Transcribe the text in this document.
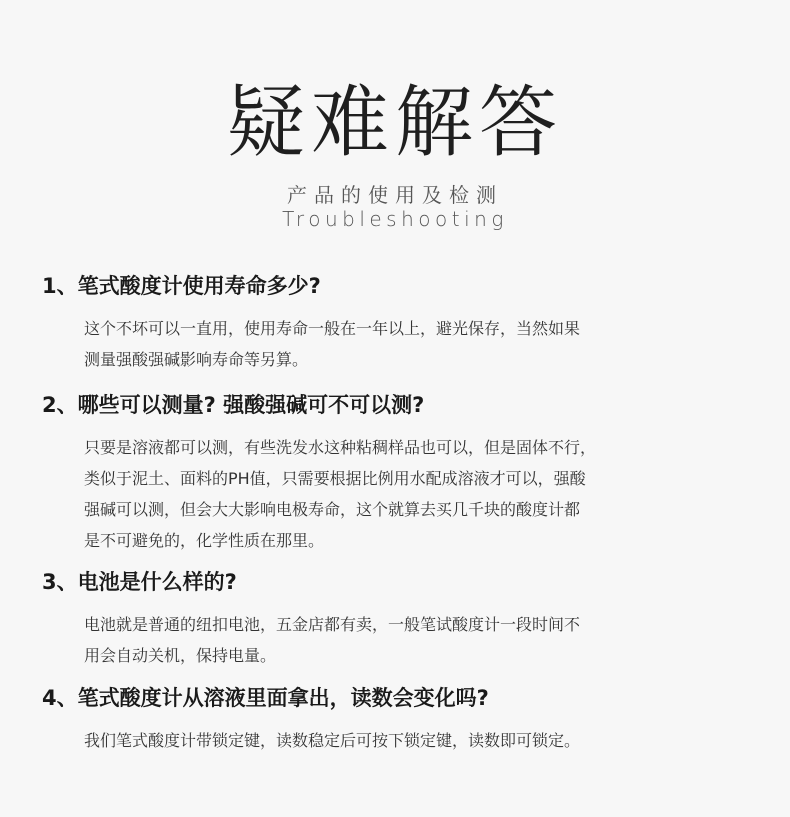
疑难解答
产品的使用及检测
Troubleshooting
1、笔式酸度计使用寿命多少?
这个不坏可以一直用，使用寿命一般在一年以上，避光保存，当然如果
测量强酸强碱影响寿命等另算。
2、哪些可以测量? 强酸强碱可不可以测?
只要是溶液都可以测，有些洗发水这种粘稠样品也可以，但是固体不行，
类似于泥土、面料的PH值，只需要根据比例用水配成溶液才可以，强酸
强碱可以测，但会大大影响电极寿命，这个就算去买几千块的酸度计都
是不可避免的，化学性质在那里。
3、电池是什么样的?
电池就是普通的纽扣电池，五金店都有卖，一般笔试酸度计一段时间不
用会自动关机，保持电量。
4、笔式酸度计从溶液里面拿出，读数会变化吗?
我们笔式酸度计带锁定键，读数稳定后可按下锁定键，读数即可锁定。
